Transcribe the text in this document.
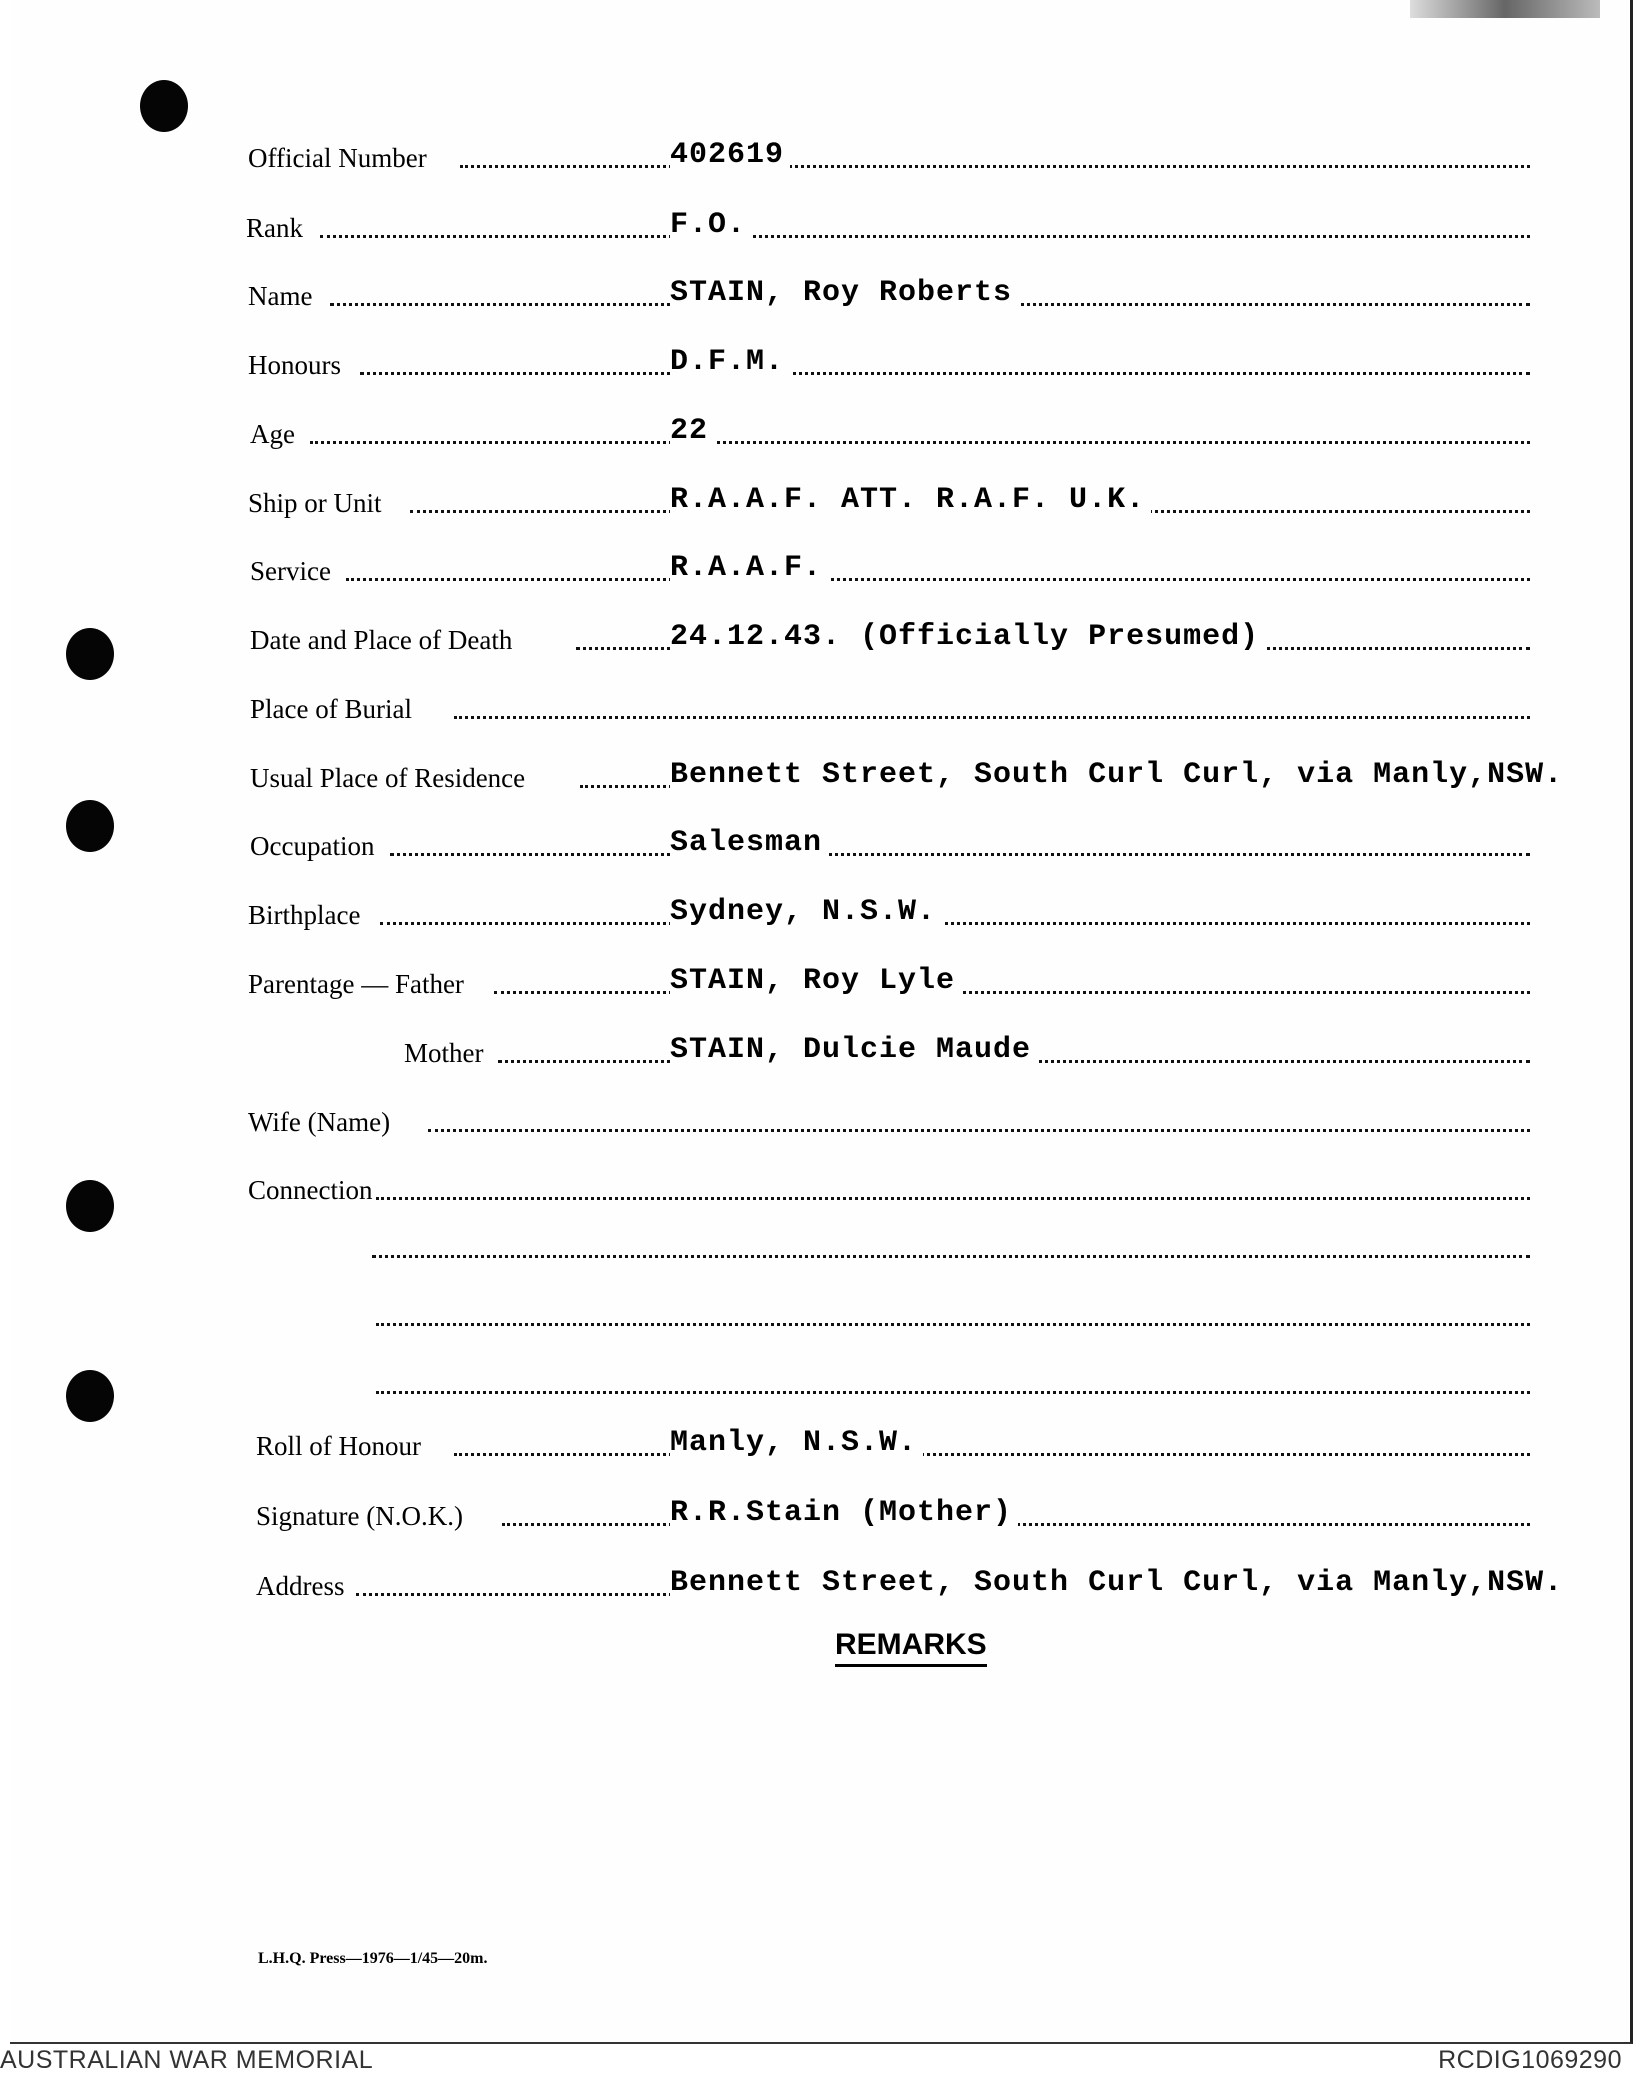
Official Number	402619
Rank	F.O.
Name	STAIN, Roy Roberts
Honours	D.F.M.
Age	22
Ship or Unit	R.A.A.F. ATT. R.A.F. U.K.
Service	R.A.A.F.
Date and Place of Death	24.12.43. (Officially Presumed)
Place of Burial
Usual Place of Residence	Bennett Street, South Curl Curl, via Manly,NSW.
Occupation	Salesman
Birthplace	Sydney, N.S.W.
Parentage — Father	STAIN, Roy Lyle
Mother	STAIN, Dulcie Maude
Wife (Name)
Connection
Roll of Honour	Manly, N.S.W.
Signature (N.O.K.)	R.R.Stain (Mother)
Address	Bennett Street, South Curl Curl, via Manly,NSW.
REMARKS
L.H.Q. Press—1976—1/45—20m.
AUSTRALIAN WAR MEMORIAL	RCDIG1069290
